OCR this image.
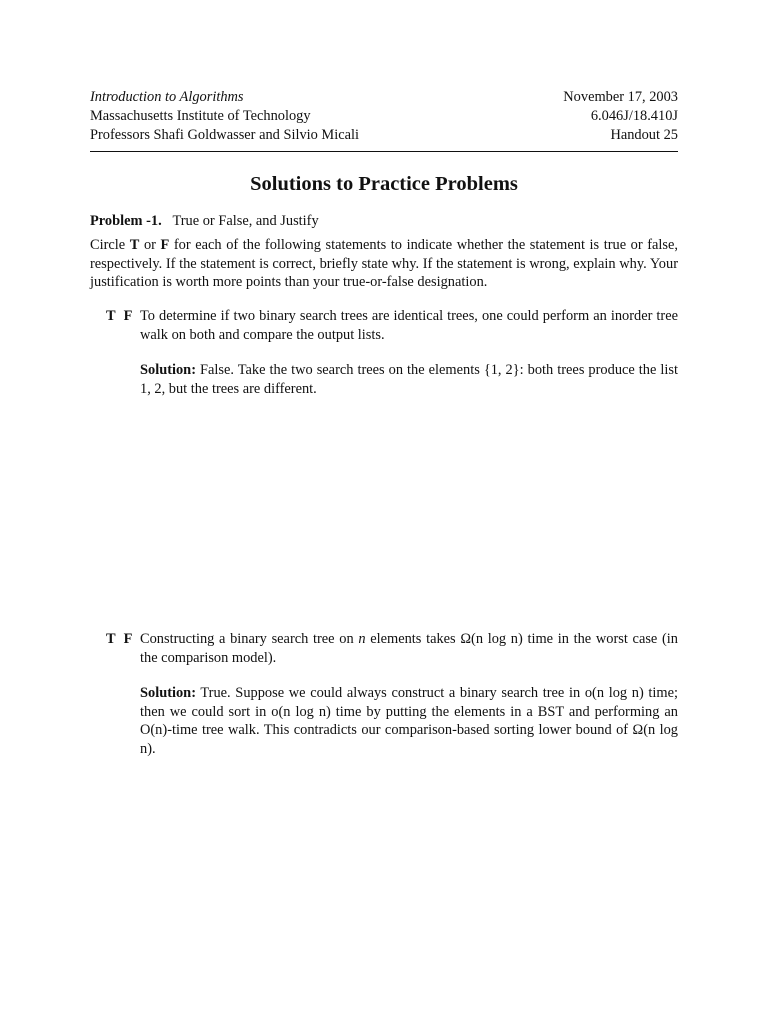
Introduction to Algorithms	November 17, 2003
Massachusetts Institute of Technology	6.046J/18.410J
Professors Shafi Goldwasser and Silvio Micali	Handout 25
Solutions to Practice Problems
Problem -1. True or False, and Justify
Circle T or F for each of the following statements to indicate whether the statement is true or false, respectively. If the statement is correct, briefly state why. If the statement is wrong, explain why. Your justification is worth more points than your true-or-false designation.
T F To determine if two binary search trees are identical trees, one could perform an inorder tree walk on both and compare the output lists.
Solution: False. Take the two search trees on the elements {1, 2}: both trees produce the list 1, 2, but the trees are different.
T F Constructing a binary search tree on n elements takes Ω(n log n) time in the worst case (in the comparison model).
Solution: True. Suppose we could always construct a binary search tree in o(n log n) time; then we could sort in o(n log n) time by putting the elements in a BST and performing an O(n)-time tree walk. This contradicts our comparison-based sorting lower bound of Ω(n log n).
